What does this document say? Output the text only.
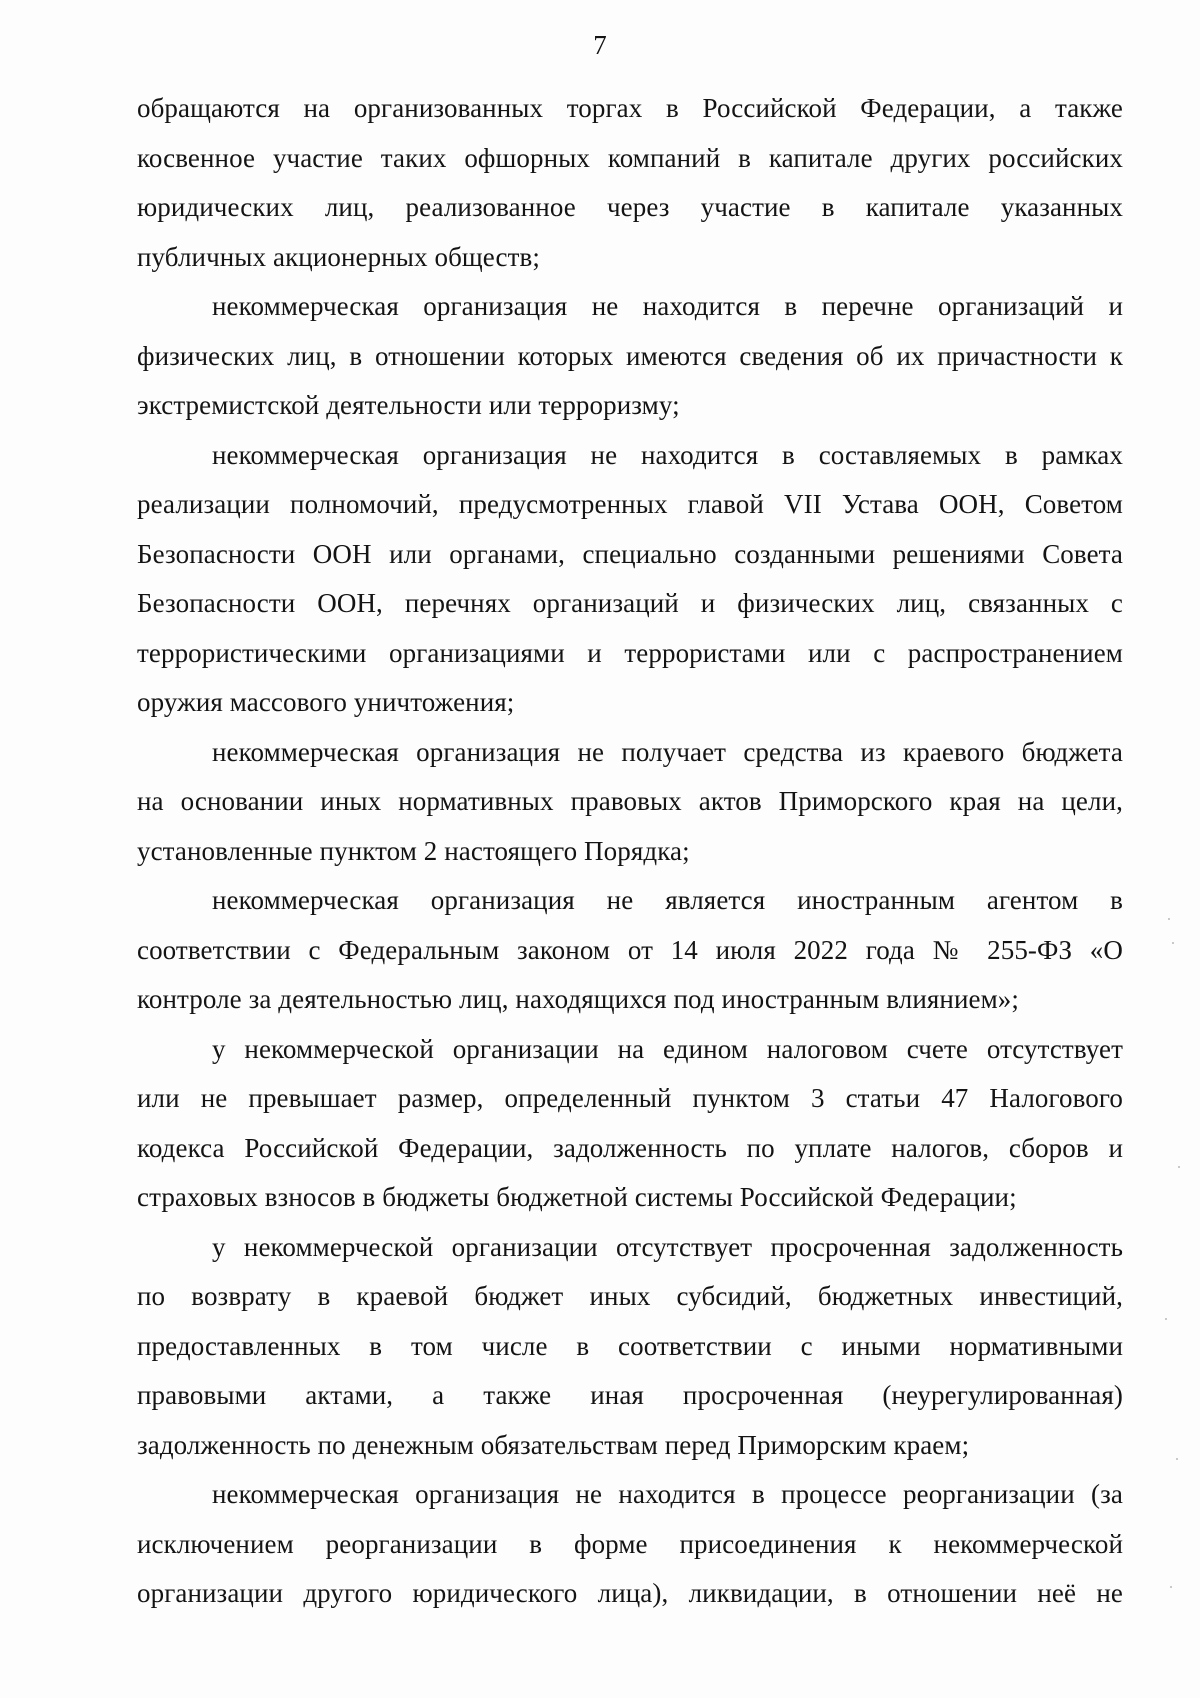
7
обращаются на организованных торгах в Российской Федерации, а также
косвенное участие таких офшорных компаний в капитале других российских
юридических лиц, реализованное через участие в капитале указанных
публичных акционерных обществ;
некоммерческая организация не находится в перечне организаций и
физических лиц, в отношении которых имеются сведения об их причастности к
экстремистской деятельности или терроризму;
некоммерческая организация не находится в составляемых в рамках
реализации полномочий, предусмотренных главой VII Устава ООН, Советом
Безопасности ООН или органами, специально созданными решениями Совета
Безопасности ООН, перечнях организаций и физических лиц, связанных с
террористическими организациями и террористами или с распространением
оружия массового уничтожения;
некоммерческая организация не получает средства из краевого бюджета
на основании иных нормативных правовых актов Приморского края на цели,
установленные пунктом 2 настоящего Порядка;
некоммерческая организация не является иностранным агентом в
соответствии с Федеральным законом от 14 июля 2022 года № 255-ФЗ «О
контроле за деятельностью лиц, находящихся под иностранным влиянием»;
у некоммерческой организации на едином налоговом счете отсутствует
или не превышает размер, определенный пунктом 3 статьи 47 Налогового
кодекса Российской Федерации, задолженность по уплате налогов, сборов и
страховых взносов в бюджеты бюджетной системы Российской Федерации;
у некоммерческой организации отсутствует просроченная задолженность
по возврату в краевой бюджет иных субсидий, бюджетных инвестиций,
предоставленных в том числе в соответствии с иными нормативными
правовыми актами, а также иная просроченная (неурегулированная)
задолженность по денежным обязательствам перед Приморским краем;
некоммерческая организация не находится в процессе реорганизации (за
исключением реорганизации в форме присоединения к некоммерческой
организации другого юридического лица), ликвидации, в отношении неё не
